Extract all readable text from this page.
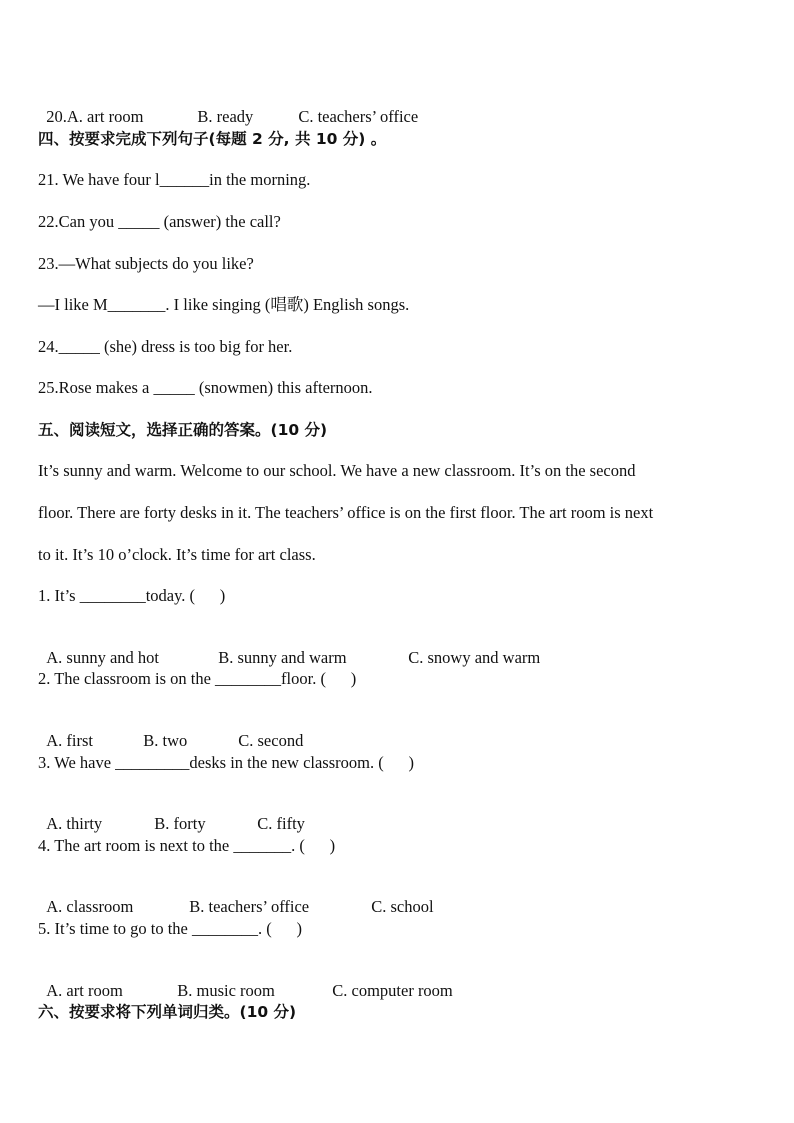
20.A. art room	B. ready	C. teachers’ office

四、按要求完成下列句子(每题 2 分, 共 10 分) 。
21. We have four l______in the morning.
22.Can you _____ (answer) the call?
23.—What subjects do you like?
—I like M_______. I like singing (唱歌) English songs.
24._____ (she) dress is too big for her.
25.Rose makes a _____ (snowmen) this afternoon.
五、阅读短文，选择正确的答案。(10 分)
It’s sunny and warm. Welcome to our school. We have a new classroom. It’s on the second
floor. There are forty desks in it. The teachers’ office is on the first floor. The art room is next
to it. It’s 10 o’clock. It’s time for art class.
1. It’s ________today. (      )

A. sunny and hot	B. sunny and warm	C. snowy and warm

2. The classroom is on the ________floor. (      )

A. first	B. two	C. second

3. We have _________desks in the new classroom. (      )

A. thirty	B. forty	C. fifty

4. The art room is next to the _______. (      )

A. classroom	B. teachers’ office	C. school

5. It’s time to go to the ________. (      )

A. art room	B. music room	C. computer room

六、按要求将下列单词归类。(10 分)
